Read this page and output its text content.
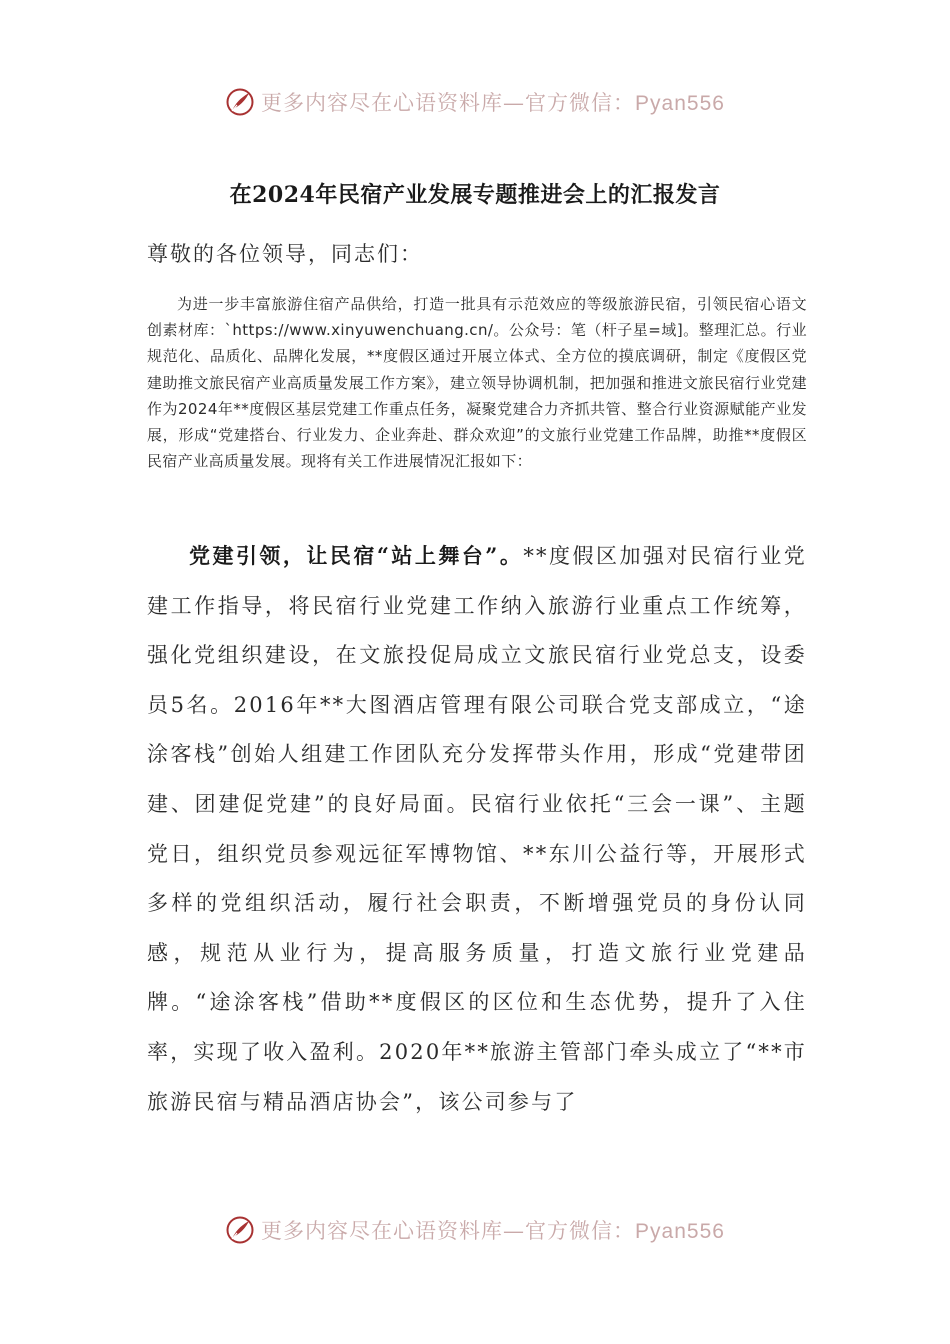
更多内容尽在心语资料库—官方微信：Pyan556
在2024年民宿产业发展专题推进会上的汇报发言
尊敬的各位领导，同志们：
为进一步丰富旅游住宿产品供给，打造一批具有示范效应的等级旅游民宿，引领民宿心语文创素材库：`https://www.xinyuwenchuang.cn/。公众号：笔（杆子星=域]。整理汇总。行业规范化、品质化、品牌化发展，**度假区通过开展立体式、全方位的摸底调研，制定《度假区党建助推文旅民宿产业高质量发展工作方案》，建立领导协调机制，把加强和推进文旅民宿行业党建作为2024年**度假区基层党建工作重点任务，凝聚党建合力齐抓共管、整合行业资源赋能产业发展，形成“党建搭台、行业发力、企业奔赴、群众欢迎”的文旅行业党建工作品牌，助推**度假区民宿产业高质量发展。现将有关工作进展情况汇报如下：
党建引领，让民宿“站上舞台”。**度假区加强对民宿行业党建工作指导，将民宿行业党建工作纳入旅游行业重点工作统筹，强化党组织建设，在文旅投促局成立文旅民宿行业党总支，设委员5名。2016年**大图酒店管理有限公司联合党支部成立，“途涂客栈”创始人组建工作团队充分发挥带头作用，形成“党建带团建、团建促党建”的良好局面。民宿行业依托“三会一课”、主题党日，组织党员参观远征军博物馆、**东川公益行等，开展形式多样的党组织活动，履行社会职责，不断增强党员的身份认同感，规范从业行为，提高服务质量，打造文旅行业党建品牌。“途涂客栈”借助**度假区的区位和生态优势，提升了入住率，实现了收入盈利。2020年**旅游主管部门牵头成立了“**市旅游民宿与精品酒店协会”，该公司参与了
更多内容尽在心语资料库—官方微信：Pyan556
